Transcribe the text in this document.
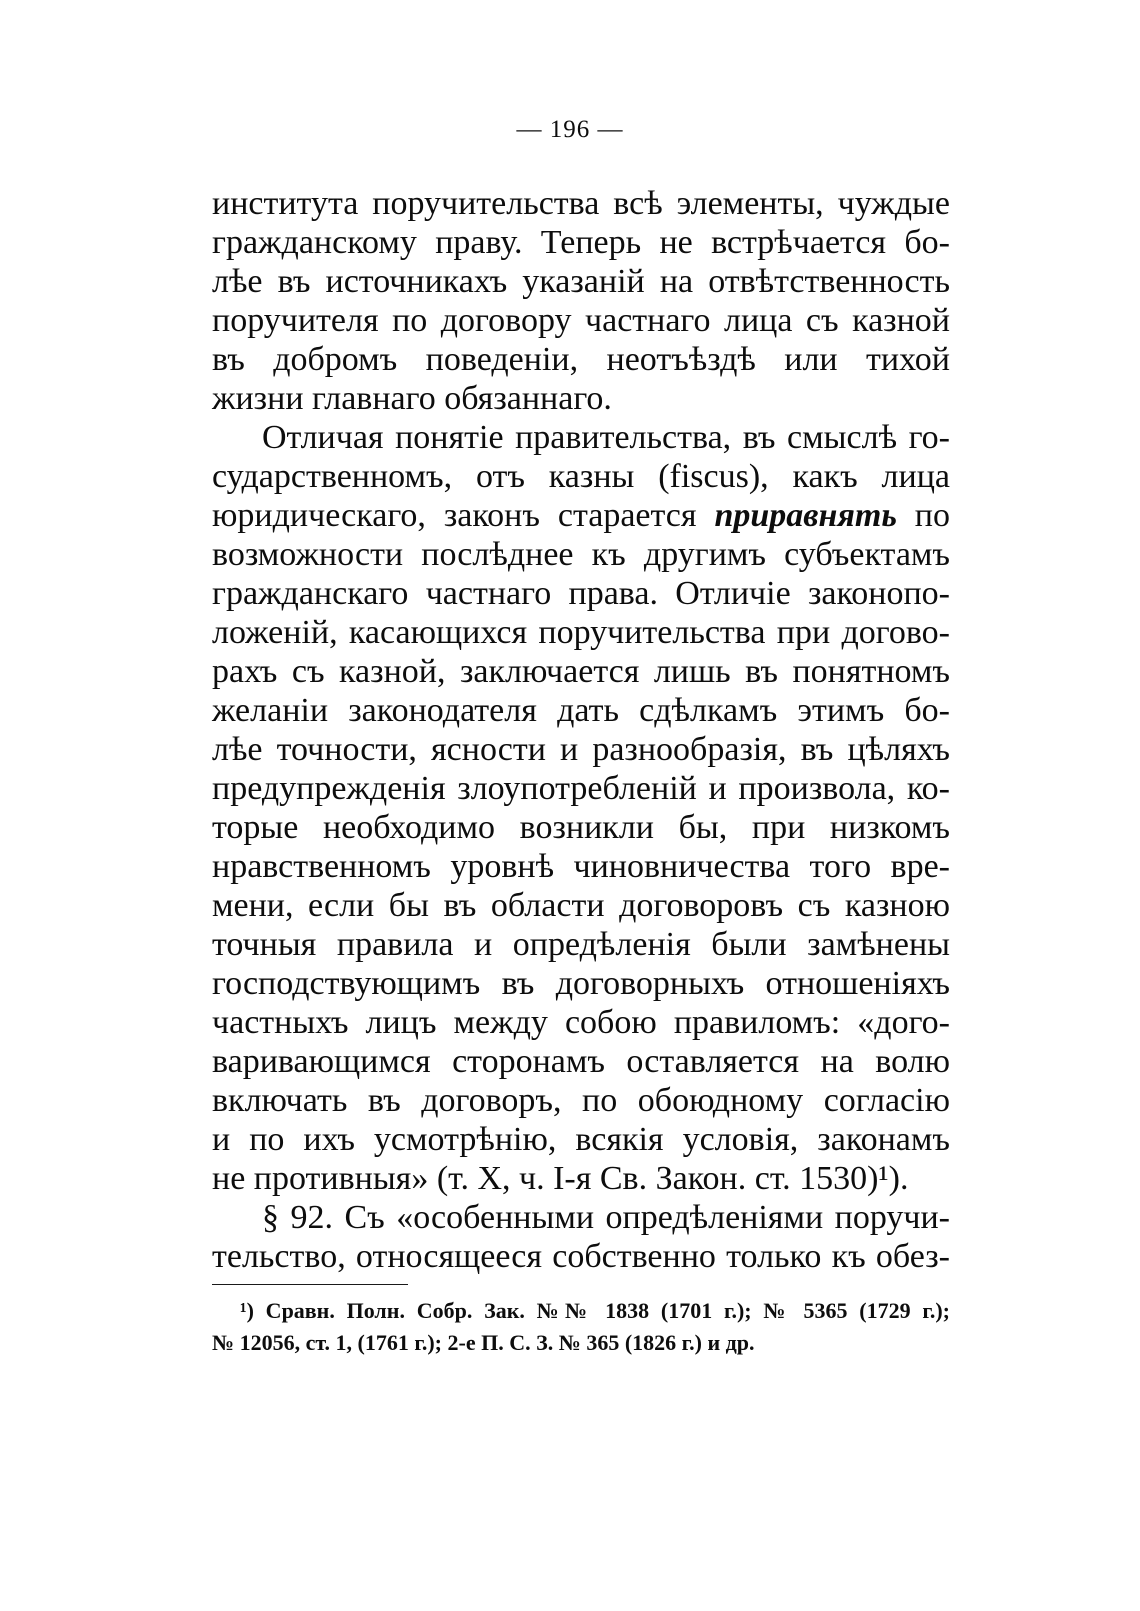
— 196 —
института поручительства всѣ элементы, чуждые
гражданскому праву. Теперь не встрѣчается бо-
лѣе въ источникахъ указаній на отвѣтственность
поручителя по договору частнаго лица съ казной
въ добромъ поведеніи, неотъѣздѣ или тихой
жизни главнаго обязаннаго.
Отличая понятіе правительства, въ смыслѣ го-
сударственномъ, отъ казны (fiscus), какъ лица
юридическаго, законъ старается приравнять по
возможности послѣднее къ другимъ субъектамъ
гражданскаго частнаго права. Отличіе законопо-
ложеній, касающихся поручительства при догово-
рахъ съ казной, заключается лишь въ понятномъ
желаніи законодателя дать сдѣлкамъ этимъ бо-
лѣе точности, ясности и разнообразія, въ цѣляхъ
предупрежденія злоупотребленій и произвола, ко-
торые необходимо возникли бы, при низкомъ
нравственномъ уровнѣ чиновничества того вре-
мени, если бы въ области договоровъ съ казною
точныя правила и опредѣленія были замѣнены
господствующимъ въ договорныхъ отношеніяхъ
частныхъ лицъ между собою правиломъ: «дого-
варивающимся сторонамъ оставляется на волю
включать въ договоръ, по обоюдному согласію
и по ихъ усмотрѣнію, всякія условія, законамъ
не противныя» (т. X, ч. I-я Св. Закон. ст. 1530)¹).
§ 92. Съ «особенными опредѣленіями поручи-
тельство, относящееся собственно только къ обез-
¹) Сравн. Полн. Собр. Зак. №№ 1838 (1701 г.); № 5365 (1729 г.);
№ 12056, ст. 1, (1761 г.); 2-е П. С. З. № 365 (1826 г.) и др.
